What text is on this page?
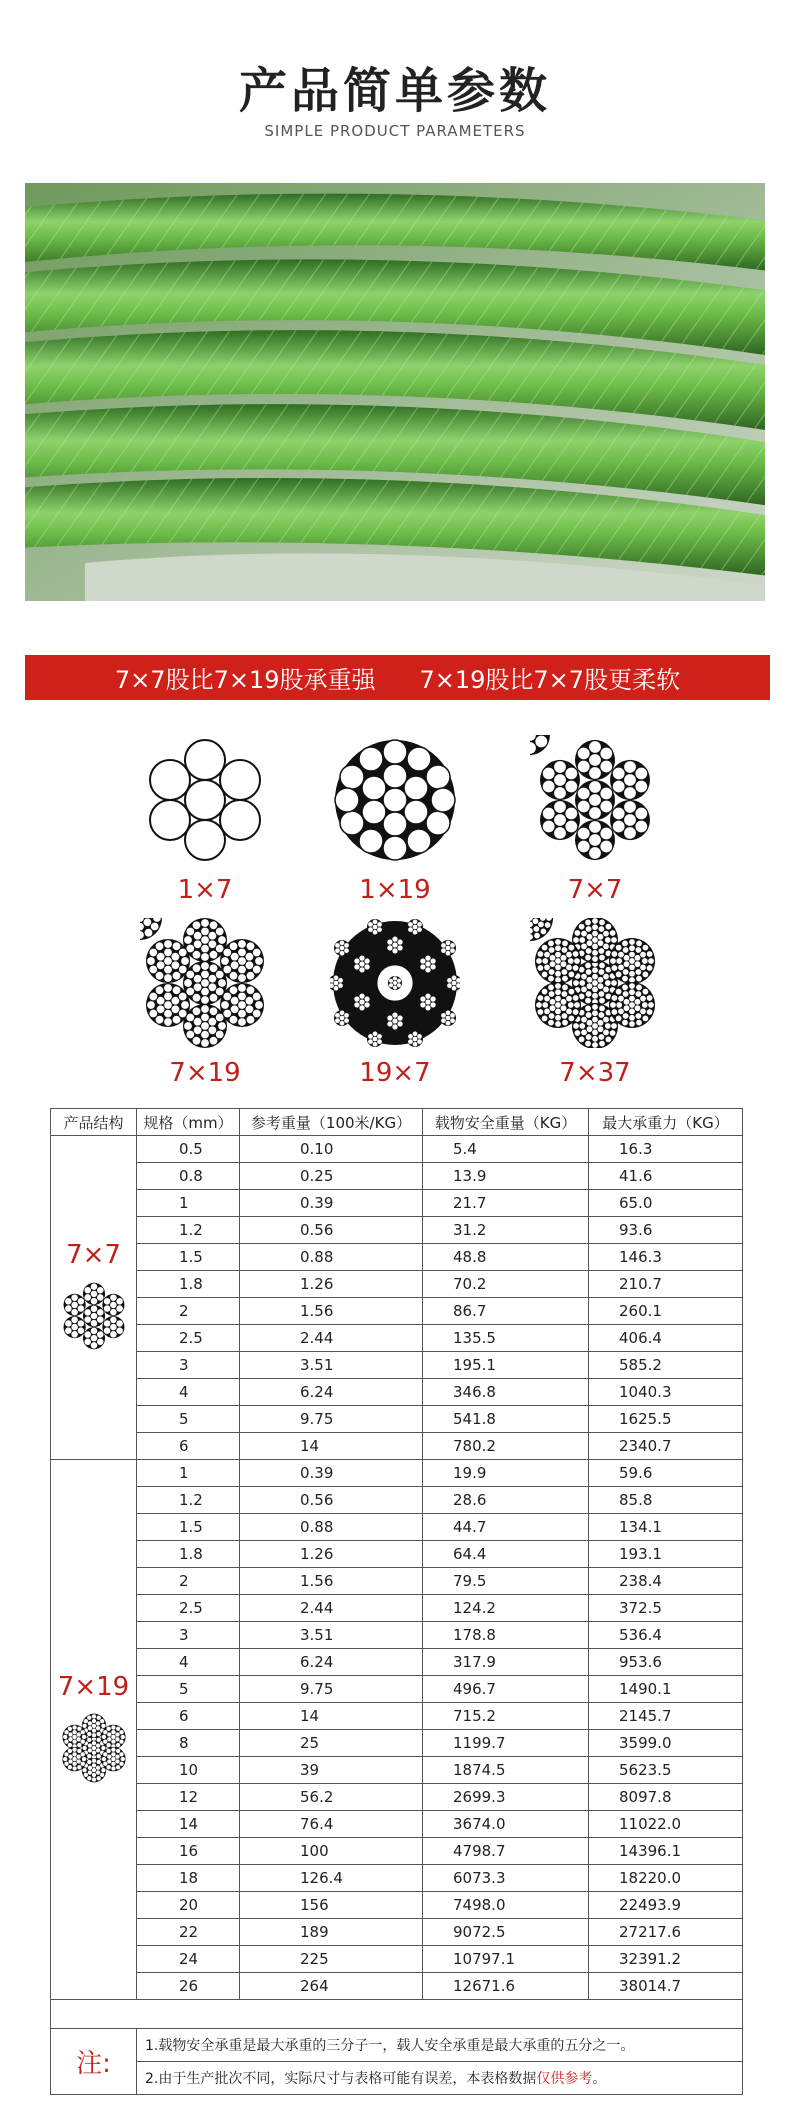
产品简单参数
SIMPLE PRODUCT PARAMETERS
7×7股比7×19股承重强 7×19股比7×7股更柔软
1×7	1×19	7×7
7×19	19×7	7×37
产品结构	规格（mm）	参考重量（100米/KG）	载物安全重量（KG）	最大承重力（KG）

7×7	0.5	0.10	5.4	16.3
	0.8	0.25	13.9	41.6
	1	0.39	21.7	65.0
	1.2	0.56	31.2	93.6
	1.5	0.88	48.8	146.3
	1.8	1.26	70.2	210.7
	2	1.56	86.7	260.1
	2.5	2.44	135.5	406.4
	3	3.51	195.1	585.2
	4	6.24	346.8	1040.3
	5	9.75	541.8	1625.5
	6	14	780.2	2340.7

7×19	1	0.39	19.9	59.6
	1.2	0.56	28.6	85.8
	1.5	0.88	44.7	134.1
	1.8	1.26	64.4	193.1
	2	1.56	79.5	238.4
	2.5	2.44	124.2	372.5
	3	3.51	178.8	536.4
	4	6.24	317.9	953.6
	5	9.75	496.7	1490.1
	6	14	715.2	2145.7
	8	25	1199.7	3599.0
	10	39	1874.5	5623.5
	12	56.2	2699.3	8097.8
	14	76.4	3674.0	11022.0
	16	100	4798.7	14396.1
	18	126.4	6073.3	18220.0
	20	156	7498.0	22493.9
	22	189	9072.5	27217.6
	24	225	10797.1	32391.2
	26	264	12671.6	38014.7

注:	1.载物安全承重是最大承重的三分子一，载人安全承重是最大承重的五分之一。			
	2.由于生产批次不同，实际尺寸与表格可能有误差，本表格数据仅供参考。			
